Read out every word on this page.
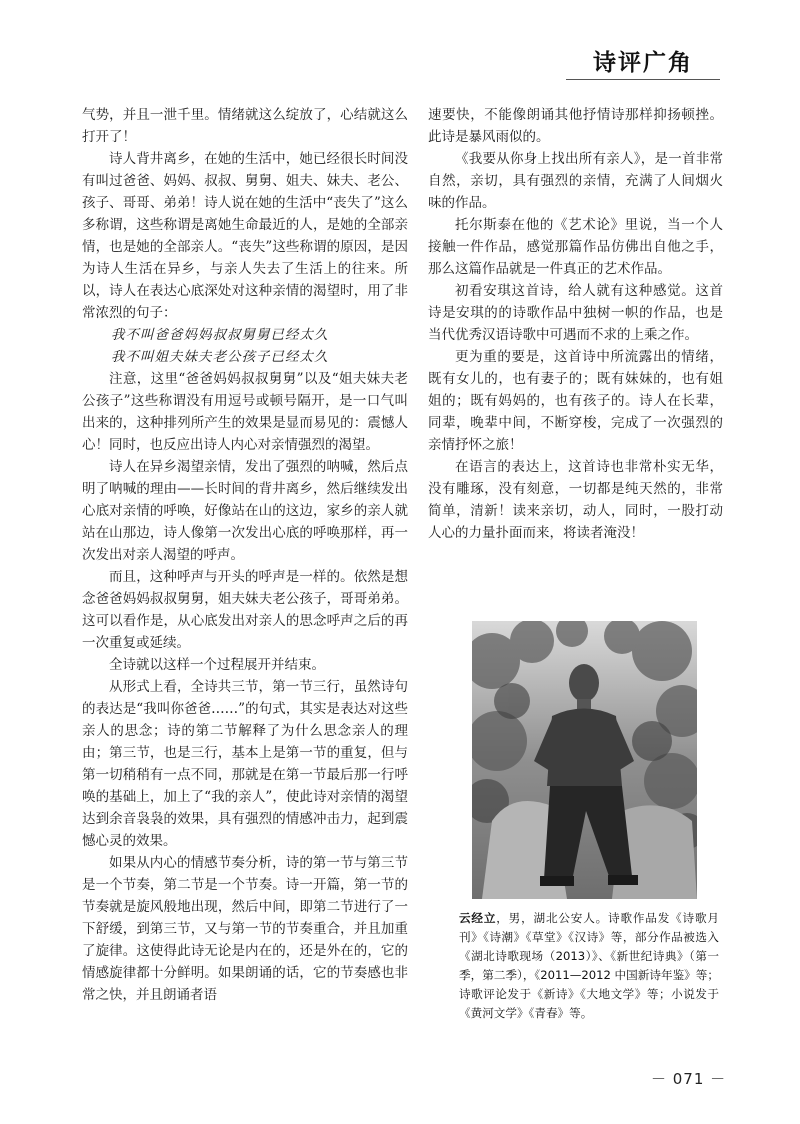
诗评广角

气势，并且一泄千里。情绪就这么绽放了，心结就这么打开了！

诗人背井离乡，在她的生活中，她已经很长时间没有叫过爸爸、妈妈、叔叔、舅舅、姐夫、妹夫、老公、孩子、哥哥、弟弟！诗人说在她的生活中“丧失了”这么多称谓，这些称谓是离她生命最近的人，是她的全部亲情，也是她的全部亲人。“丧失”这些称谓的原因，是因为诗人生活在异乡，与亲人失去了生活上的往来。所以，诗人在表达心底深处对这种亲情的渴望时，用了非常浓烈的句子：

我不叫爸爸妈妈叔叔舅舅已经太久

我不叫姐夫妹夫老公孩子已经太久

注意，这里“爸爸妈妈叔叔舅舅”以及“姐夫妹夫老公孩子”这些称谓没有用逗号或顿号隔开，是一口气叫出来的，这种排列所产生的效果是显而易见的：震憾人心！同时，也反应出诗人内心对亲情强烈的渴望。

诗人在异乡渴望亲情，发出了强烈的呐喊，然后点明了呐喊的理由——长时间的背井离乡，然后继续发出心底对亲情的呼唤，好像站在山的这边，家乡的亲人就站在山那边，诗人像第一次发出心底的呼唤那样，再一次发出对亲人渴望的呼声。

而且，这种呼声与开头的呼声是一样的。依然是想念爸爸妈妈叔叔舅舅，姐夫妹夫老公孩子，哥哥弟弟。这可以看作是，从心底发出对亲人的思念呼声之后的再一次重复或延续。

全诗就以这样一个过程展开并结束。

从形式上看，全诗共三节，第一节三行，虽然诗句的表达是“我叫你爸爸……”的句式，其实是表达对这些亲人的思念；诗的第二节解释了为什么思念亲人的理由；第三节，也是三行，基本上是第一节的重复，但与第一切稍稍有一点不同，那就是在第一节最后那一行呼唤的基础上，加上了“我的亲人”，使此诗对亲情的渴望达到余音袅袅的效果，具有强烈的情感冲击力，起到震憾心灵的效果。

如果从内心的情感节奏分析，诗的第一节与第三节是一个节奏，第二节是一个节奏。诗一开篇，第一节的节奏就是旋风般地出现，然后中间，即第二节进行了一下舒缓，到第三节，又与第一节的节奏重合，并且加重了旋律。这使得此诗无论是内在的，还是外在的，它的情感旋律都十分鲜明。如果朗诵的话，它的节奏感也非常之快，并且朗诵者语

速要快，不能像朗诵其他抒情诗那样抑扬顿挫。此诗是暴风雨似的。

《我要从你身上找出所有亲人》，是一首非常自然，亲切，具有强烈的亲情，充满了人间烟火味的作品。

托尔斯泰在他的《艺术论》里说，当一个人接触一件作品，感觉那篇作品仿佛出自他之手，那么这篇作品就是一件真正的艺术作品。

初看安琪这首诗，给人就有这种感觉。这首诗是安琪的的诗歌作品中独树一帜的作品，也是当代优秀汉语诗歌中可遇而不求的上乘之作。

更为重的要是，这首诗中所流露出的情绪，既有女儿的，也有妻子的；既有妹妹的，也有姐姐的；既有妈妈的，也有孩子的。诗人在长辈，同辈，晚辈中间，不断穿梭，完成了一次强烈的亲情抒怀之旅！

在语言的表达上，这首诗也非常朴实无华，没有雕琢，没有刻意，一切都是纯天然的，非常简单，清新！读来亲切，动人，同时，一股打动人心的力量扑面而来，将读者淹没！

云经立，男，湖北公安人。诗歌作品发《诗歌月刊》《诗潮》《草堂》《汉诗》等，部分作品被选入《湖北诗歌现场（2013）》、《新世纪诗典》（第一季，第二季），《2011—2012 中国新诗年鉴》等；诗歌评论发于《新诗》《大地文学》等；小说发于《黄河文学》《青春》等。
－ 071 －
